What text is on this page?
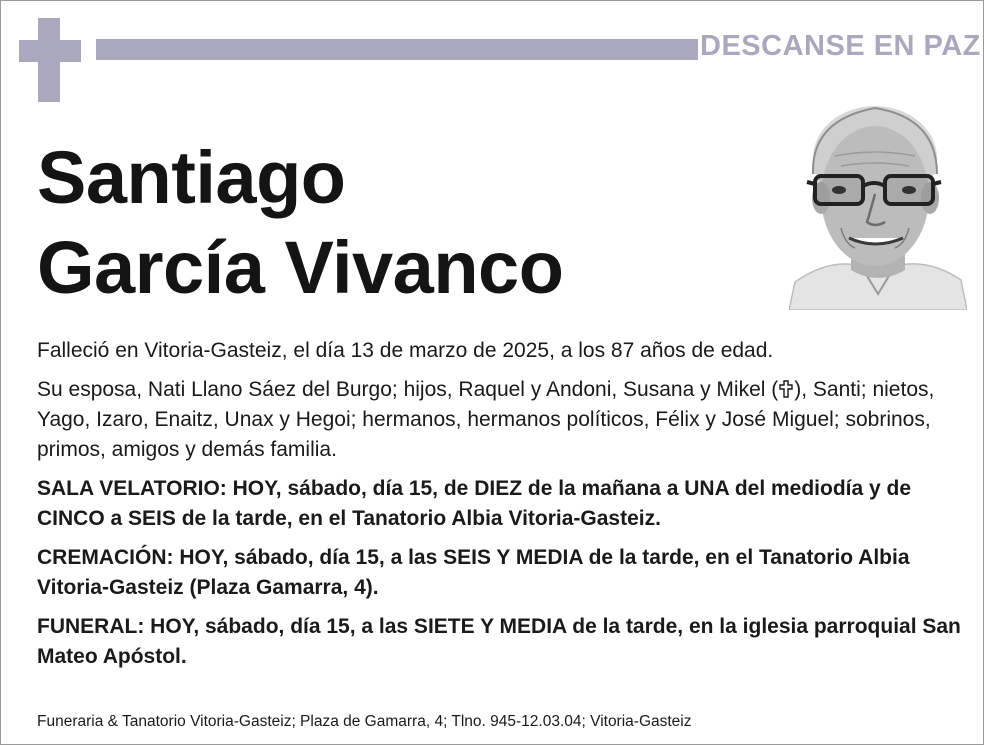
DESCANSE EN PAZ
Santiago
García Vivanco

Falleció en Vitoria-Gasteiz, el día 13 de marzo de 2025, a los 87 años de edad.

Su esposa, Nati Llano Sáez del Burgo; hijos, Raquel y Andoni, Susana y Mikel ( ), Santi; nietos, Yago, Izaro, Enaitz, Unax y Hegoi; hermanos, hermanos políticos, Félix y José Miguel; sobrinos, primos, amigos y demás familia.

SALA VELATORIO: HOY, sábado, día 15, de DIEZ de la mañana a UNA del mediodía y de CINCO a SEIS de la tarde, en el Tanatorio Albia Vitoria-Gasteiz.

CREMACIÓN: HOY, sábado, día 15, a las SEIS Y MEDIA de la tarde, en el Tanatorio Albia Vitoria-Gasteiz (Plaza Gamarra, 4).

FUNERAL: HOY, sábado, día 15, a las SIETE Y MEDIA de la tarde, en la iglesia parroquial San Mateo Apóstol.

Funeraria & Tanatorio Vitoria-Gasteiz; Plaza de Gamarra, 4; Tlno. 945-12.03.04; Vitoria-Gasteiz
